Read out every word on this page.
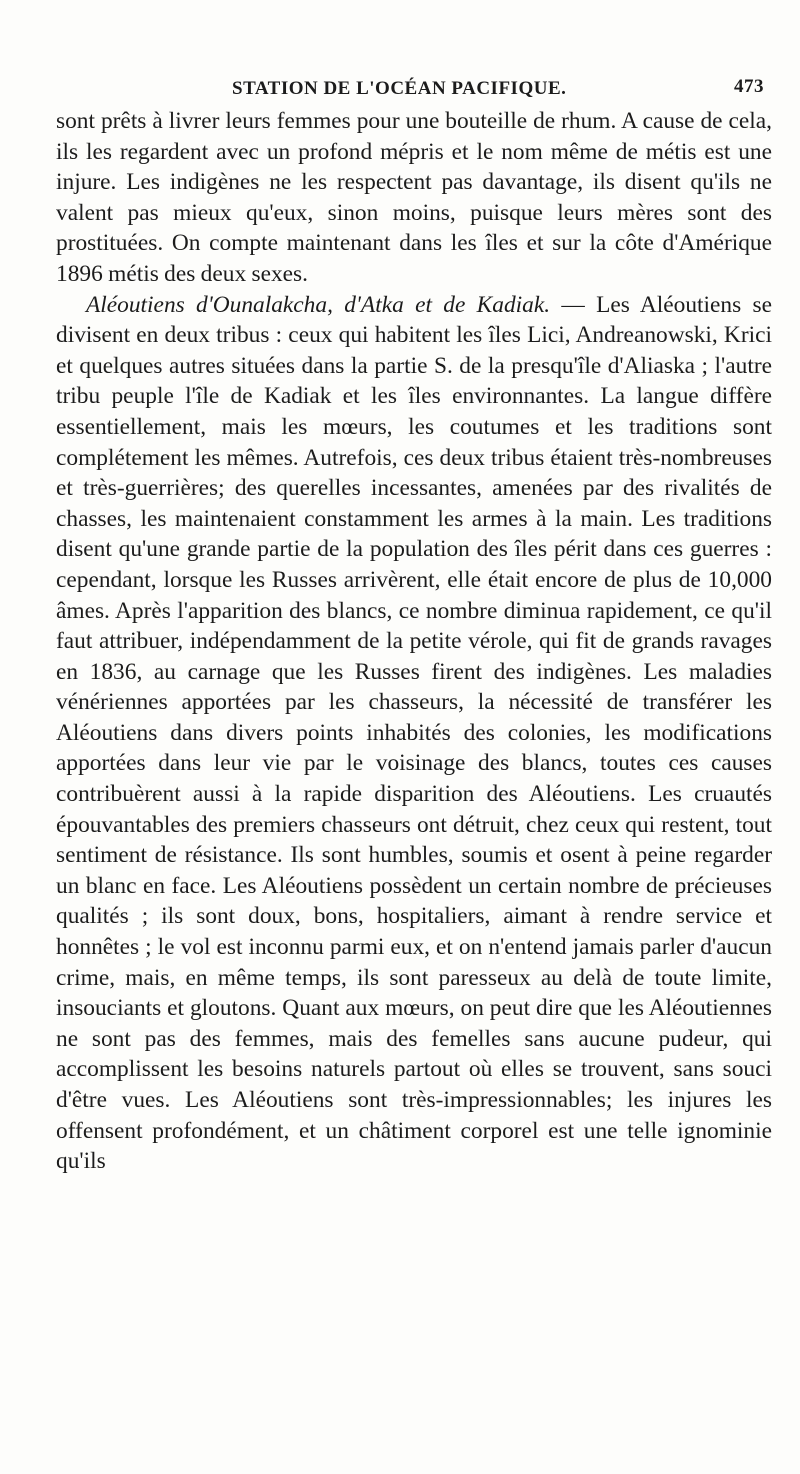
STATION DE L'OCÉAN PACIFIQUE.	473

sont prêts à livrer leurs femmes pour une bouteille de rhum. A cause de cela, ils les regardent avec un profond mépris et le nom même de métis est une injure. Les indigènes ne les respectent pas davantage, ils disent qu'ils ne valent pas mieux qu'eux, sinon moins, puisque leurs mères sont des prostituées. On compte maintenant dans les îles et sur la côte d'Amérique 1896 métis des deux sexes.

Aléoutiens d'Ounalakcha, d'Atka et de Kadiak. — Les Aléoutiens se divisent en deux tribus : ceux qui habitent les îles Lici, Andreanowski, Krici et quelques autres situées dans la partie S. de la presqu'île d'Aliaska ; l'autre tribu peuple l'île de Kadiak et les îles environnantes. La langue diffère essentiellement, mais les mœurs, les coutumes et les traditions sont complétement les mêmes. Autrefois, ces deux tribus étaient très-nombreuses et très-guerrières; des querelles incessantes, amenées par des rivalités de chasses, les maintenaient constamment les armes à la main. Les traditions disent qu'une grande partie de la population des îles périt dans ces guerres : cependant, lorsque les Russes arrivèrent, elle était encore de plus de 10,000 âmes. Après l'apparition des blancs, ce nombre diminua rapidement, ce qu'il faut attribuer, indépendamment de la petite vérole, qui fit de grands ravages en 1836, au carnage que les Russes firent des indigènes. Les maladies vénériennes apportées par les chasseurs, la nécessité de transférer les Aléoutiens dans divers points inhabités des colonies, les modifications apportées dans leur vie par le voisinage des blancs, toutes ces causes contribuèrent aussi à la rapide disparition des Aléoutiens. Les cruautés épouvantables des premiers chasseurs ont détruit, chez ceux qui restent, tout sentiment de résistance. Ils sont humbles, soumis et osent à peine regarder un blanc en face. Les Aléoutiens possèdent un certain nombre de précieuses qualités ; ils sont doux, bons, hospitaliers, aimant à rendre service et honnêtes ; le vol est inconnu parmi eux, et on n'entend jamais parler d'aucun crime, mais, en même temps, ils sont paresseux au delà de toute limite, insouciants et gloutons. Quant aux mœurs, on peut dire que les Aléoutiennes ne sont pas des femmes, mais des femelles sans aucune pudeur, qui accomplissent les besoins naturels partout où elles se trouvent, sans souci d'être vues. Les Aléoutiens sont très-impressionnables; les injures les offensent profondément, et un châtiment corporel est une telle ignominie qu'ils
